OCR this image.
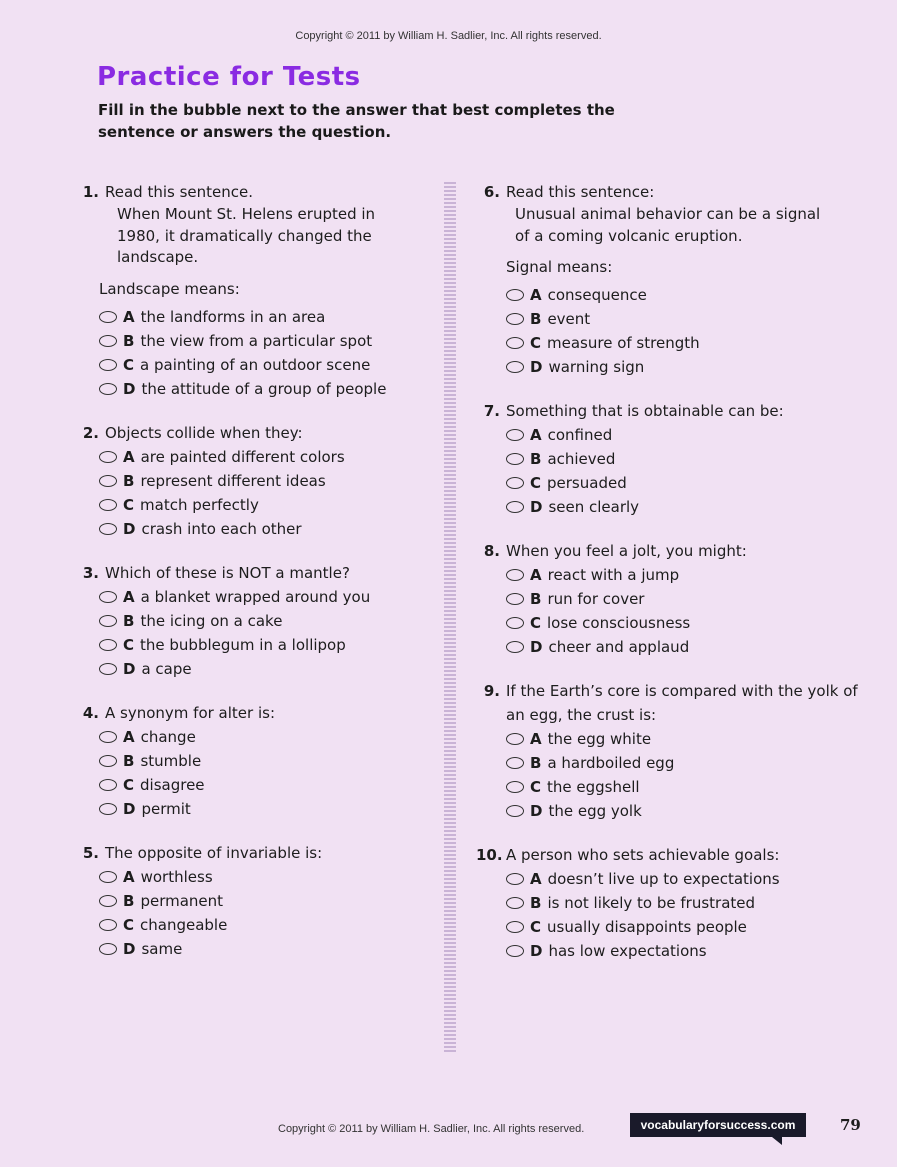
Copyright © 2011 by William H. Sadlier, Inc. All rights reserved.
Practice for Tests
Fill in the bubble next to the answer that best completes the sentence or answers the question.
1. Read this sentence.
When Mount St. Helens erupted in 1980, it dramatically changed the landscape.
Landscape means:
A the landforms in an area
B the view from a particular spot
C a painting of an outdoor scene
D the attitude of a group of people
2. Objects collide when they:
A are painted different colors
B represent different ideas
C match perfectly
D crash into each other
3. Which of these is NOT a mantle?
A a blanket wrapped around you
B the icing on a cake
C the bubblegum in a lollipop
D a cape
4. A synonym for alter is:
A change
B stumble
C disagree
D permit
5. The opposite of invariable is:
A worthless
B permanent
C changeable
D same
6. Read this sentence:
Unusual animal behavior can be a signal of a coming volcanic eruption.
Signal means:
A consequence
B event
C measure of strength
D warning sign
7. Something that is obtainable can be:
A confined
B achieved
C persuaded
D seen clearly
8. When you feel a jolt, you might:
A react with a jump
B run for cover
C lose consciousness
D cheer and applaud
9. If the Earth’s core is compared with the yolk of an egg, the crust is:
A the egg white
B a hardboiled egg
C the eggshell
D the egg yolk
10. A person who sets achievable goals:
A doesn’t live up to expectations
B is not likely to be frustrated
C usually disappoints people
D has low expectations
Copyright © 2011 by William H. Sadlier, Inc. All rights reserved.	vocabularyforsuccess.com	79
